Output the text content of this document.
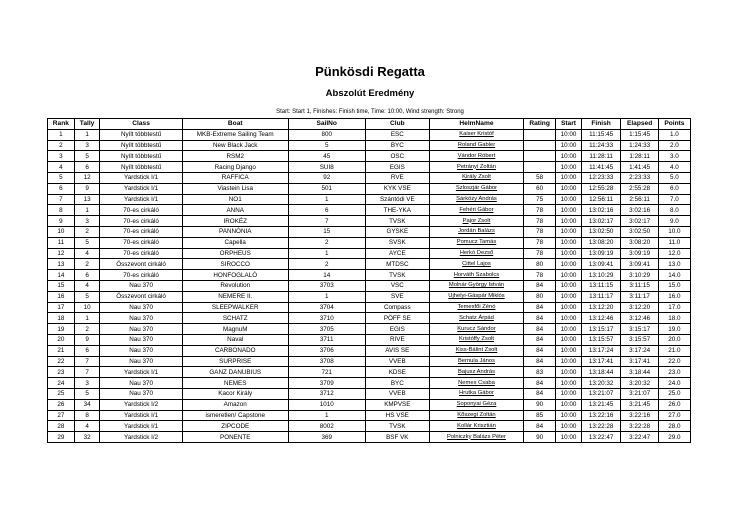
Pünkösdi Regatta
Abszolút Eredmény
Start: Start 1, Finishes: Finish time, Time: 10:00, Wind strength: Strong
Rank	Tally	Class	Boat	SailNo	Club	HelmName	Rating	Start	Finish	Elapsed	Points
1	1	Nyílt többtestű	MKB-Extreme Sailing Team	800	ESC	Kaiser Kristóf		10:00	11:15:45	1:15:45	1.0
2	3	Nyílt többtestű	New Black Jack	5	BYC	Roland Gabler		10:00	11:24:33	1:24:33	2.0
3	5	Nyílt többtestű	RSM2	45	OSC	Vándor Róbert		10:00	11:28:11	1:28:11	3.0
4	6	Nyílt többtestű	Racing Django	SUI8	EGIS	Petrányi Zoltán		10:00	11:41:45	1:41:45	4.0
5	12	Yardstick I/1	RAFFICA	92	RVE	Király Zsolt	58	10:00	12:23:33	2:23:33	5.0
6	9	Yardstick I/1	Viastein Lisa	501	KYK VSE	Szloszjár Gábor	60	10:00	12:55:28	2:55:28	6.0
7	13	Yardstick I/1	NO1	1	Szántódi VE	Sárközy András	75	10:00	12:56:11	2:56:11	7.0
8	1	70-es cirkáló	ANNA	6	THE-YKA	Fehéri Gábor	78	10:00	13:02:16	3:02:16	8.0
9	3	70-es cirkáló	IROKÉZ	7	TVSK	Pajor Zsolt	78	10:00	13:02:17	3:02:17	9.0
10	2	70-es cirkáló	PANNÓNIA	15	GYSKE	Jordán Balázs	78	10:00	13:02:50	3:02:50	10.0
11	5	70-es cirkáló	Capella	2	SVSK	Pomucz Tamás	78	10:00	13:08:20	3:08:20	11.0
12	4	70-es cirkáló	ORPHEUS	1	AYCE	Herkó Dezső	78	10:00	13:09:19	3:09:19	12.0
13	2	Összevont cirkáló	SIROCCO	2	MTDSC	Cittel Lajos	80	10:00	13:09:41	3:09:41	13.0
14	6	70-es cirkáló	HONFOGLALÓ	14	TVSK	Horváth Szabolcs	78	10:00	13:10:29	3:10:29	14.0
15	4	Nau 370	Revolution	3703	VSC	Molnár György István	84	10:00	13:11:15	3:11:15	15.0
16	5	Összevont cirkáló	NEMERE II.	1	SVE	Ujhelyi-Gáspár Miklós	80	10:00	13:11:17	3:11:17	16.0
17	10	Nau 370	SLEEPWALKER	3704	Compass	Temesfői Zénó	84	10:00	13:12:20	3:12:20	17.0
18	1	Nau 370	SCHATZ	3710	PÖFF SE	Schatz Árpád	84	10:00	13:12:46	3:12:46	18.0
19	2	Nau 370	MagnuM	3705	EGIS	Kurucz Sándor	84	10:00	13:15:17	3:15:17	19.0
20	9	Nau 370	Naval	3711	RIVE	Kristóffy Zsolt	84	10:00	13:15:57	3:15:57	20.0
21	6	Nau 370	CARBONADO	3706	AVIS SE	Kiss-Bálint Zsolt	84	10:00	13:17:24	3:17:24	21.0
22	7	Nau 370	SURPRISE	3708	VVEB	Bernula János	84	10:00	13:17:41	3:17:41	22.0
23	7	Yardstick I/1	GANZ DANUBIUS	721	KDSE	Bajusz András	83	10:00	13:18:44	3:18:44	23.0
24	3	Nau 370	NEMES	3709	BYC	Nemes Csaba	84	10:00	13:20:32	3:20:32	24.0
25	5	Nau 370	Kacor Király	3712	VVEB	Hrutka Gábor	84	10:00	13:21:07	3:21:07	25.0
26	34	Yardstick I/2	Amazon	1010	KMPVSE	Soponyai Géza	90	10:00	13:21:45	3:21:45	26.0
27	8	Yardstick I/1	ismeretlen/ Capstone	1	HS VSE	Kőszegi Zoltán	85	10:00	13:22:16	3:22:16	27.0
28	4	Yardstick I/1	ZIPCODE	8002	TVSK	Kollár Krisztián	84	10:00	13:22:28	3:22:28	28.0
29	32	Yardstick I/2	PONENTE	369	BSF VK	Polniczky Balázs Péter	90	10:00	13:22:47	3:22:47	29.0
